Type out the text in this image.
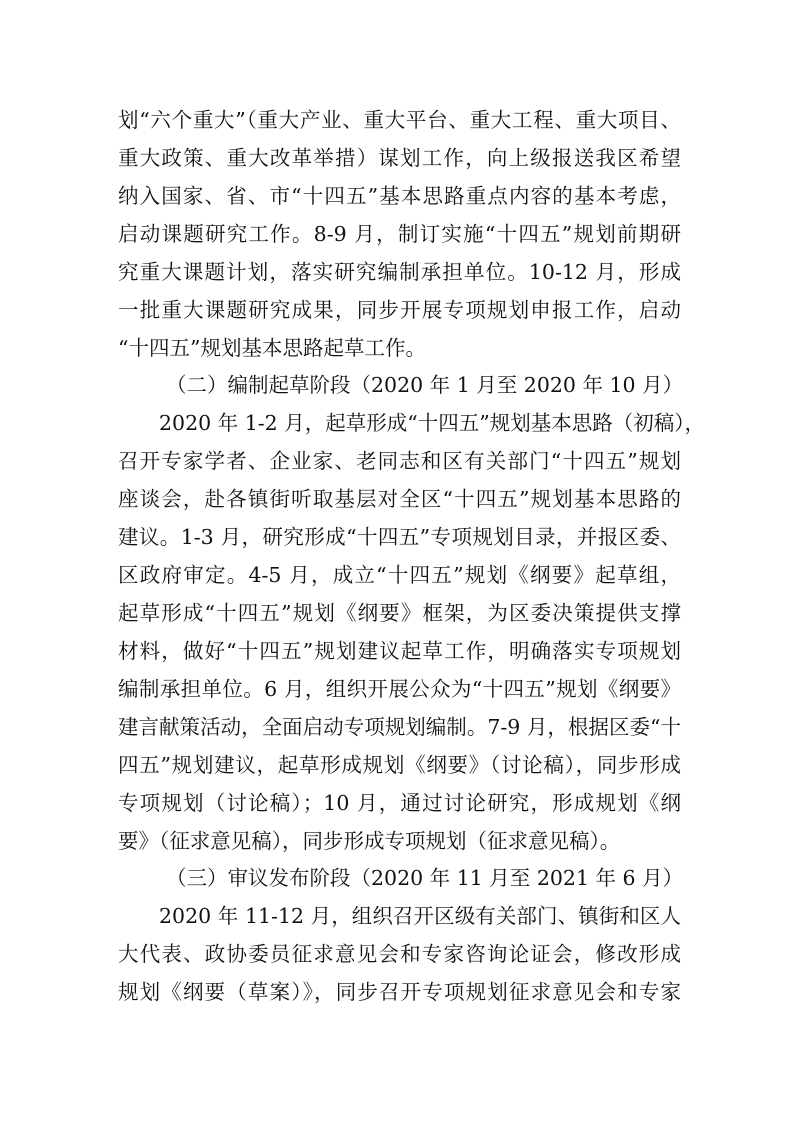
划“六个重大”（重大产业、重大平台、重大工程、重大项目、
重大政策、重大改革举措）谋划工作，向上级报送我区希望
纳入国家、省、市“十四五”基本思路重点内容的基本考虑，
启动课题研究工作。8-9 月，制订实施“十四五”规划前期研
究重大课题计划，落实研究编制承担单位。10-12 月，形成
一批重大课题研究成果，同步开展专项规划申报工作，启动
“十四五”规划基本思路起草工作。
（二）编制起草阶段（2020 年 1 月至 2020 年 10 月）
2020 年 1-2 月，起草形成“十四五”规划基本思路（初稿），
召开专家学者、企业家、老同志和区有关部门“十四五”规划
座谈会，赴各镇街听取基层对全区“十四五”规划基本思路的
建议。1-3 月，研究形成“十四五”专项规划目录，并报区委、
区政府审定。4-5 月，成立“十四五”规划《纲要》起草组，
起草形成“十四五”规划《纲要》框架，为区委决策提供支撑
材料，做好“十四五”规划建议起草工作，明确落实专项规划
编制承担单位。6 月，组织开展公众为“十四五”规划《纲要》
建言献策活动，全面启动专项规划编制。7-9 月，根据区委“十
四五”规划建议，起草形成规划《纲要》（讨论稿），同步形成
专项规划（讨论稿）；10 月，通过讨论研究，形成规划《纲
要》（征求意见稿），同步形成专项规划（征求意见稿）。
（三）审议发布阶段（2020 年 11 月至 2021 年 6 月）
2020 年 11-12 月，组织召开区级有关部门、镇街和区人
大代表、政协委员征求意见会和专家咨询论证会，修改形成
规划《纲要（草案）》，同步召开专项规划征求意见会和专家
